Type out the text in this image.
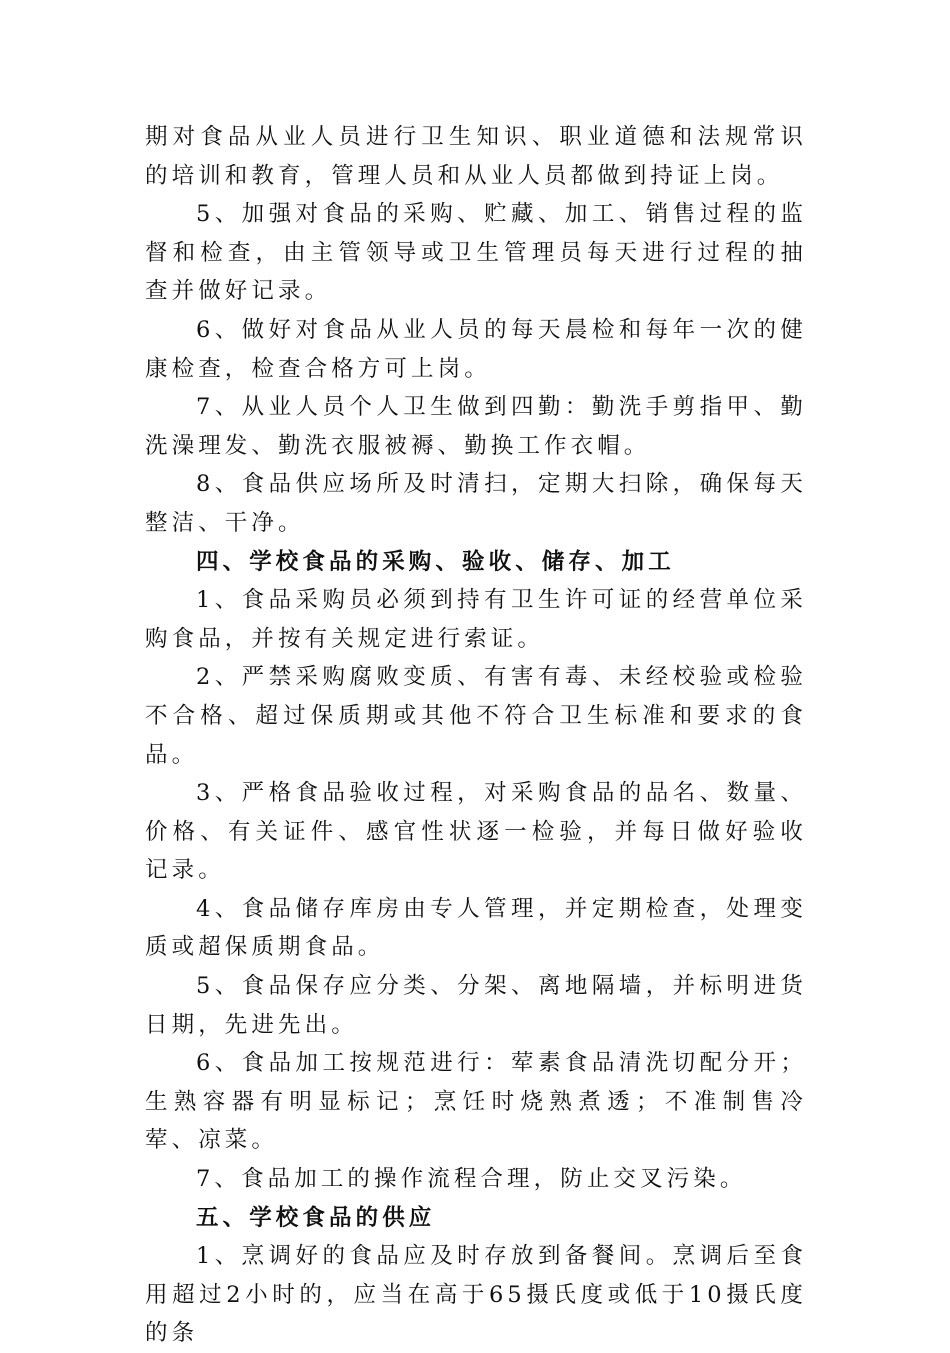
期对食品从业人员进行卫生知识、职业道德和法规常识的培训和教育，管理人员和从业人员都做到持证上岗。

5、加强对食品的采购、贮藏、加工、销售过程的监督和检查，由主管领导或卫生管理员每天进行过程的抽查并做好记录。

6、做好对食品从业人员的每天晨检和每年一次的健康检查，检查合格方可上岗。

7、从业人员个人卫生做到四勤：勤洗手剪指甲、勤洗澡理发、勤洗衣服被褥、勤换工作衣帽。

8、食品供应场所及时清扫，定期大扫除，确保每天整洁、干净。

四、学校食品的采购、验收、储存、加工

1、食品采购员必须到持有卫生许可证的经营单位采购食品，并按有关规定进行索证。

2、严禁采购腐败变质、有害有毒、未经校验或检验不合格、超过保质期或其他不符合卫生标准和要求的食品。

3、严格食品验收过程，对采购食品的品名、数量、价格、有关证件、感官性状逐一检验，并每日做好验收记录。

4、食品储存库房由专人管理，并定期检查，处理变质或超保质期食品。

5、食品保存应分类、分架、离地隔墙，并标明进货日期，先进先出。

6、食品加工按规范进行：荤素食品清洗切配分开；生熟容器有明显标记；烹饪时烧熟煮透；不准制售冷荤、凉菜。

7、食品加工的操作流程合理，防止交叉污染。

五、学校食品的供应

1、烹调好的食品应及时存放到备餐间。烹调后至食用超过2小时的，应当在高于65摄氏度或低于10摄氏度的条
